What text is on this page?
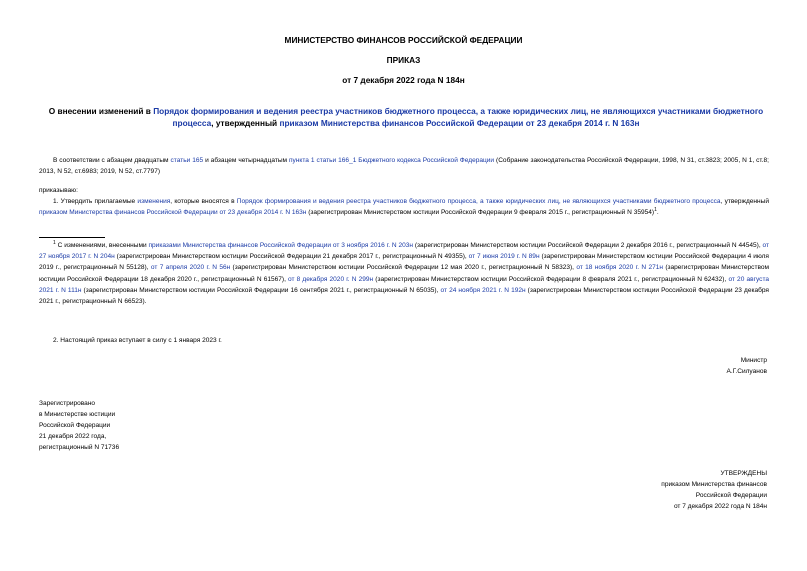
МИНИСТЕРСТВО ФИНАНСОВ РОССИЙСКОЙ ФЕДЕРАЦИИ
ПРИКАЗ
от 7 декабря 2022 года N 184н
О внесении изменений в Порядок формирования и ведения реестра участников бюджетного процесса, а также юридических лиц, не являющихся участниками бюджетного процесса, утвержденный приказом Министерства финансов Российской Федерации от 23 декабря 2014 г. N 163н
В соответствии с абзацем двадцатым статьи 165 и абзацем четырнадцатым пункта 1 статьи 166_1 Бюджетного кодекса Российской Федерации (Собрание законодательства Российской Федерации, 1998, N 31, ст.3823; 2005, N 1, ст.8; 2013, N 52, ст.6983; 2019, N 52, ст.7797)
приказываю:
1. Утвердить прилагаемые изменения, которые вносятся в Порядок формирования и ведения реестра участников бюджетного процесса, а также юридических лиц, не являющихся участниками бюджетного процесса, утвержденный приказом Министерства финансов Российской Федерации от 23 декабря 2014 г. N 163н (зарегистрирован Министерством юстиции Российской Федерации 9 февраля 2015 г., регистрационный N 35954)$^1$.
$^1$ С изменениями, внесенными приказами Министерства финансов Российской Федерации от 3 ноября 2016 г. N 203н (зарегистрирован Министерством юстиции Российской Федерации 2 декабря 2016 г., регистрационный N 44545), от 27 ноября 2017 г. N 204н (зарегистрирован Министерством юстиции Российской Федерации 21 декабря 2017 г., регистрационный N 49355), от 7 июня 2019 г. N 89н (зарегистрирован Министерством юстиции Российской Федерации 4 июля 2019 г., регистрационный N 55128), от 7 апреля 2020 г. N 56н (зарегистрирован Министерством юстиции Российской Федерации 12 мая 2020 г., регистрационный N 58323), от 18 ноября 2020 г. N 271н (зарегистрирован Министерством юстиции Российской Федерации 18 декабря 2020 г., регистрационный N 61567), от 8 декабря 2020 г. N 299н (зарегистрирован Министерством юстиции Российской Федерации 8 февраля 2021 г., регистрационный N 62432), от 20 августа 2021 г. N 111н (зарегистрирован Министерством юстиции Российской Федерации 16 сентября 2021 г., регистрационный N 65035), от 24 ноября 2021 г. N 192н (зарегистрирован Министерством юстиции Российской Федерации 23 декабря 2021 г., регистрационный N 66523).
2. Настоящий приказ вступает в силу с 1 января 2023 г.
Министр
А.Г.Силуанов
Зарегистрировано
в Министерстве юстиции
Российской Федерации
21 декабря 2022 года,
регистрационный N 71736
УТВЕРЖДЕНЫ
приказом Министерства финансов
Российской Федерации
от 7 декабря 2022 года N 184н
